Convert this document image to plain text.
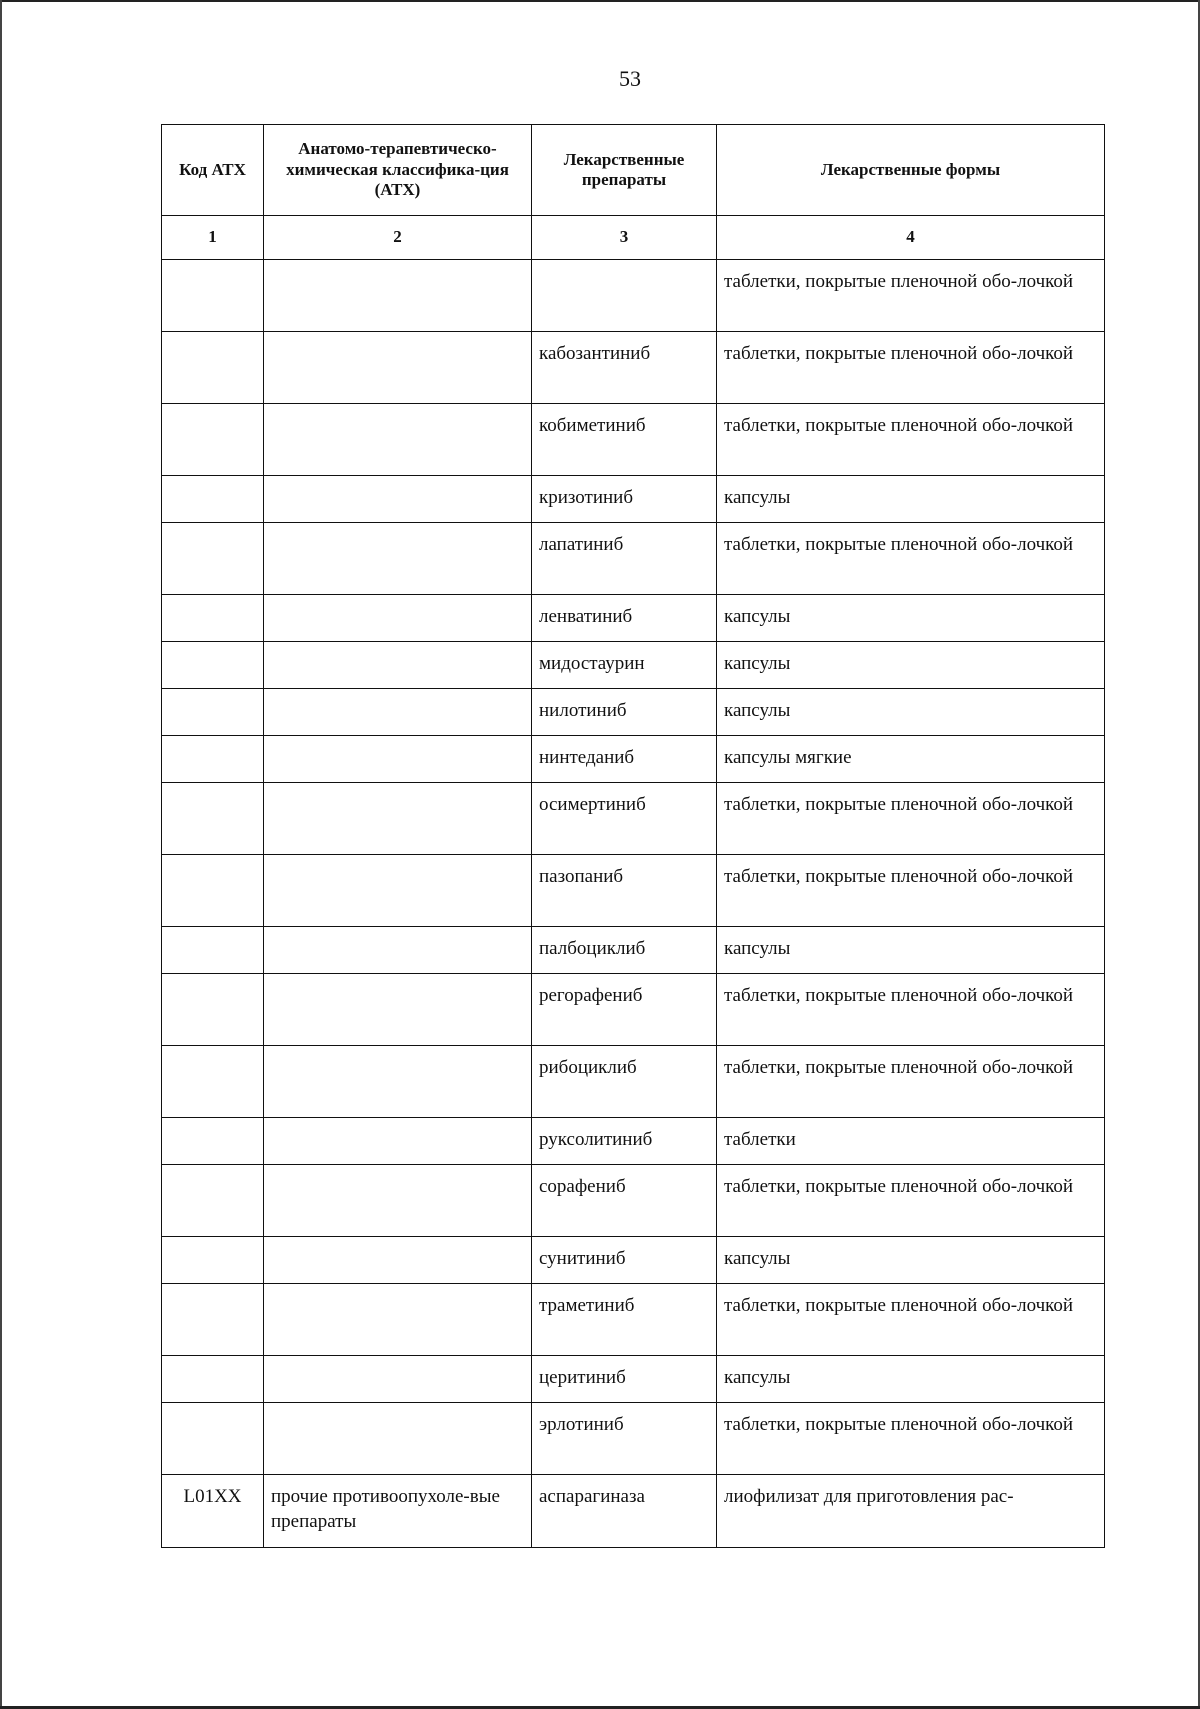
53
Код АТХ	Анатомо-терапевтическо-химическая классифика-ция (АТХ)	Лекарственные препараты	Лекарственные формы
1	2	3	4

			таблетки, покрытые пленочной обо-лочкой

		кабозантиниб	таблетки, покрытые пленочной обо-лочкой

		кобиметиниб	таблетки, покрытые пленочной обо-лочкой

		кризотиниб	капсулы

		лапатиниб	таблетки, покрытые пленочной обо-лочкой

		ленватиниб	капсулы

		мидостаурин	капсулы

		нилотиниб	капсулы

		нинтеданиб	капсулы мягкие

		осимертиниб	таблетки, покрытые пленочной обо-лочкой

		пазопаниб	таблетки, покрытые пленочной обо-лочкой

		палбоциклиб	капсулы

		регорафениб	таблетки, покрытые пленочной обо-лочкой

		рибоциклиб	таблетки, покрытые пленочной обо-лочкой

		руксолитиниб	таблетки

		сорафениб	таблетки, покрытые пленочной обо-лочкой

		сунитиниб	капсулы

		траметиниб	таблетки, покрытые пленочной обо-лочкой

		церитиниб	капсулы

		эрлотиниб	таблетки, покрытые пленочной обо-лочкой

L01XX	прочие противоопухоле-вые препараты	аспарагиназа	лиофилизат для приготовления рас-
